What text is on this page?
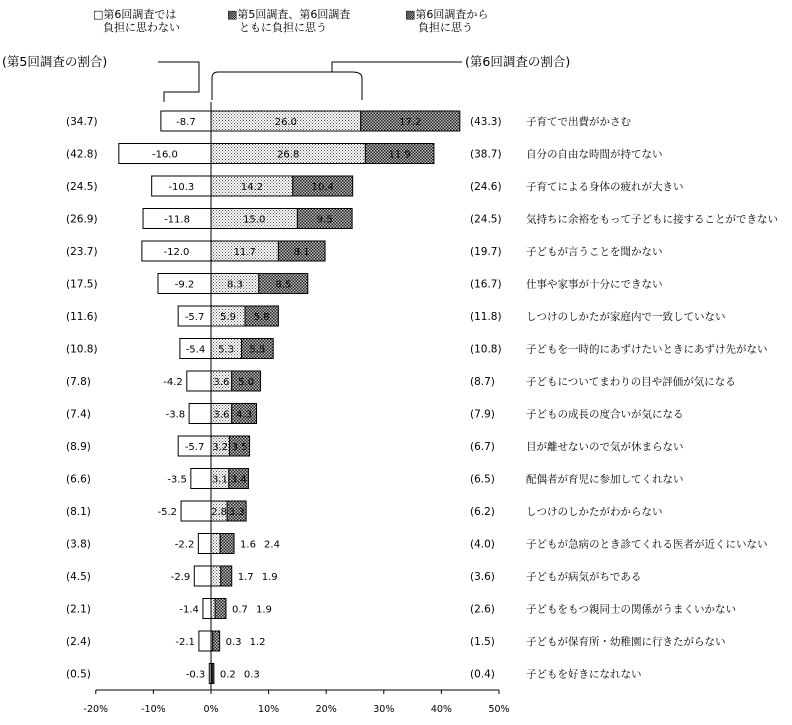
□第6回調査では
負担に思わない
▩第5回調査、第6回調査
ともに負担に思う
▩第6回調査から
負担に思う
(第5回調査の割合)	(第6回調査の割合)
(34.7)	-8.7	26.0	17.2	(43.3) 子育てで出費がかさむ
(42.8)	-16.0	26.8	11.9	(38.7) 自分の自由な時間が持てない
(24.5)	-10.3	14.2	10.4	(24.6) 子育てによる身体の疲れが大きい
(26.9)	-11.8	15.0	9.5	(24.5) 気持ちに余裕をもって子どもに接することができない
(23.7)	-12.0	11.7	8.1	(19.7) 子どもが言うことを聞かない
(17.5)	-9.2	8.3	8.5	(16.7) 仕事や家事が十分にできない
(11.6)	-5.7 5.9 5.8	(11.8) しつけのしかたが家庭内で一致していない
(10.8)	-5.4 5.3 5.5	(10.8) 子どもを一時的にあずけたいときにあずけ先がない
(7.8)	-4.2	3.6 5.0	(8.7)	子どもについてまわりの目や評価が気になる
(7.4)	-3.8	3.6 4.3	(7.9)	子どもの成長の度合いが気になる
(8.9)	-5.7 3.2 3.5	(6.7)	目が離せないので気が休まらない
(6.6)	-3.5	3.1 3.4	(6.5)	配偶者が育児に参加してくれない
(8.1)	-5.2	2.8 3.3	(6.2)	しつけのしかたがわからない
(3.8)	-2.2	1.6 2.4	(4.0)	子どもが急病のとき診てくれる医者が近くにいない
(4.5)	-2.9	1.7 1.9	(3.6)	子どもが病気がちである
(2.1)	-1.4	0.7 1.9	(2.6)	子どもをもつ親同士の関係がうまくいかない
(2.4)	-2.1	0.3 1.2	(1.5)	子どもが保育所・幼稚園に行きたがらない
(0.5)	-0.3 0.2 0.3	(0.4)	子どもを好きになれない
-20%	-10%	0%	10%	20%	30%	40%	50%
